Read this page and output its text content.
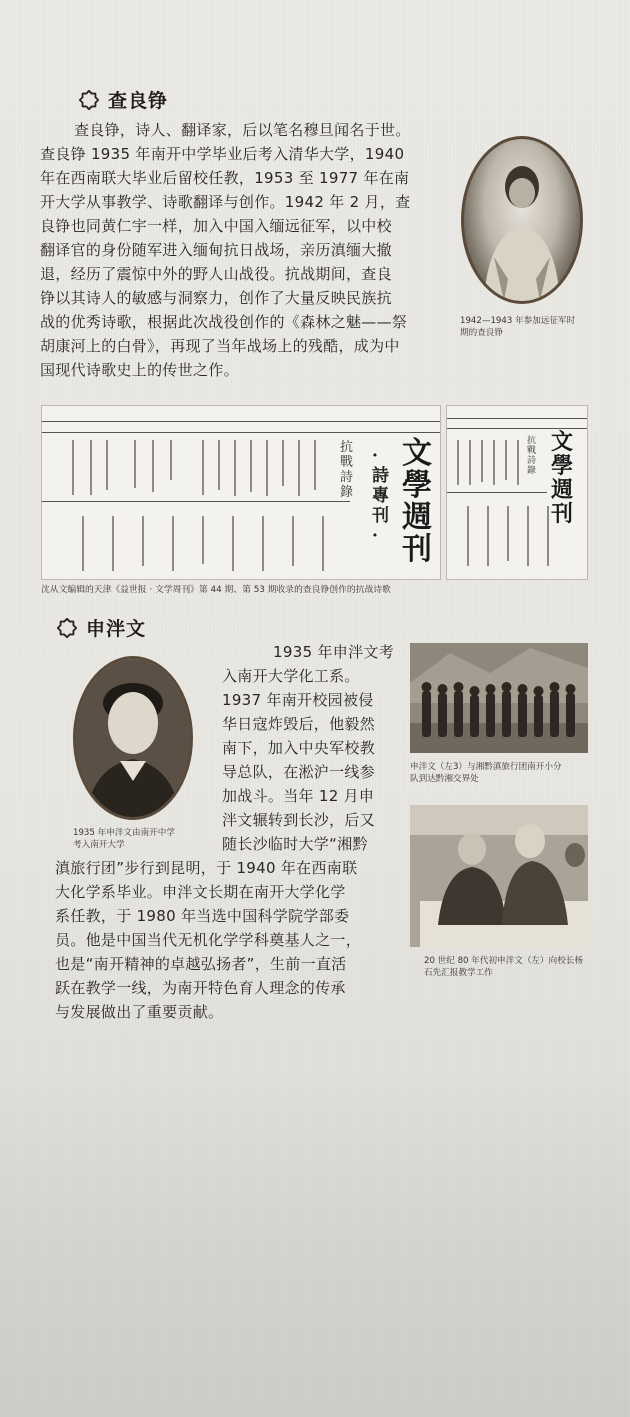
查良铮
查良铮，诗人、翻译家，后以笔名穆旦闻名于世。
查良铮 1935 年南开中学毕业后考入清华大学，1940
年在西南联大毕业后留校任教，1953 至 1977 年在南
开大学从事教学、诗歌翻译与创作。1942 年 2 月，查
良铮也同黄仁宇一样，加入中国入缅远征军，以中校
翻译官的身份随军进入缅甸抗日战场，亲历滇缅大撤
退，经历了震惊中外的野人山战役。抗战期间，查良
铮以其诗人的敏感与洞察力，创作了大量反映民族抗
战的优秀诗歌，根据此次战役创作的《森林之魅——祭
胡康河上的白骨》，再现了当年战场上的残酷，成为中
国现代诗歌史上的传世之作。
1942—1943 年参加远征军时
期的查良铮
抗戰詩錄
·詩 專 刊·
文學週刊
抗戰詩錄
文學週刊
沈从文编辑的天津《益世报 · 文学周刊》第 44 期、第 53 期收录的查良铮创作的抗战诗歌
申泮文
1935 年申泮文由南开中学
考入南开大学
1935 年申泮文考
入南开大学化工系。
1937 年南开校园被侵
华日寇炸毁后，他毅然
南下，加入中央军校教
导总队，在淞沪一线参
加战斗。当年 12 月申
泮文辗转到长沙，后又
随长沙临时大学“湘黔
滇旅行团”步行到昆明，于 1940 年在西南联
大化学系毕业。申泮文长期在南开大学化学
系任教，于 1980 年当选中国科学院学部委
员。他是中国当代无机化学学科奠基人之一，
也是“南开精神的卓越弘扬者”，生前一直活
跃在教学一线，为南开特色育人理念的传承
与发展做出了重要贡献。
申泮文（左3）与湘黔滇旅行团南开小分
队到达黔湘交界处
20 世纪 80 年代初申泮文（左）向校长杨
石先汇报教学工作
